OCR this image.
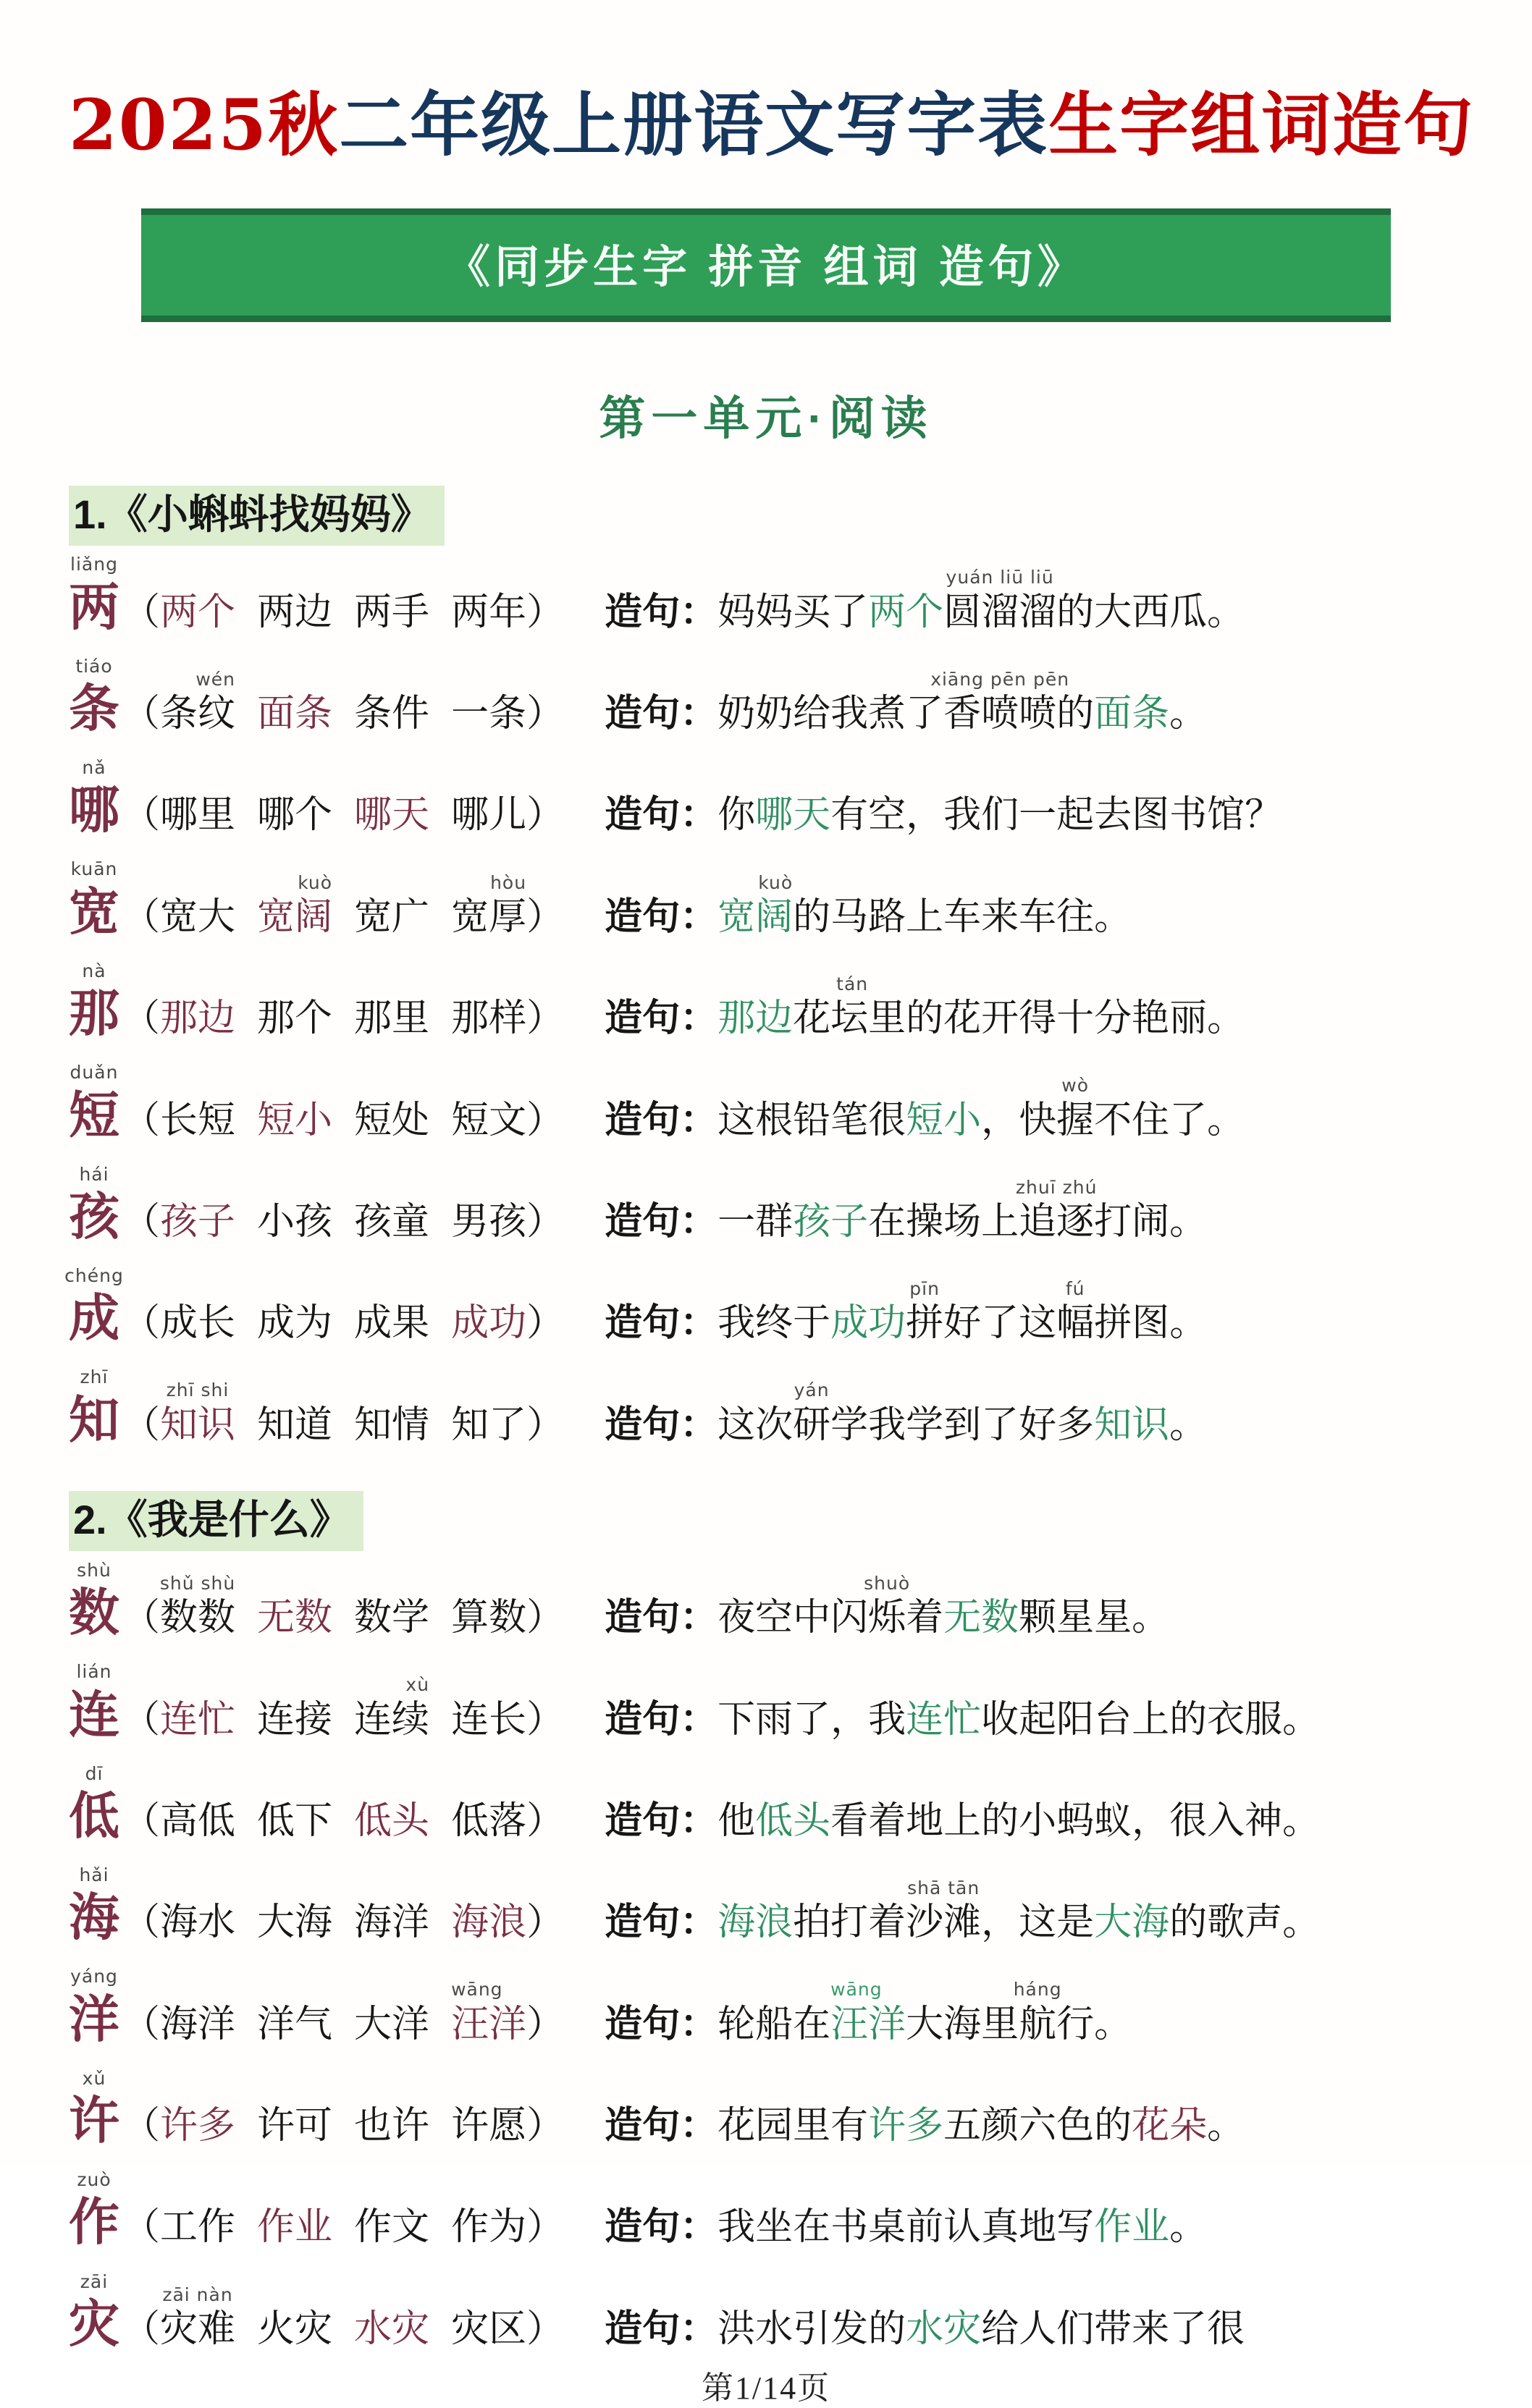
2025秋二年级上册语文写字表生字组词造句
《同步生字 拼音 组词 造句》
第一单元·阅读
1.《小蝌蚪找妈妈》
liǎng
两（两个 两边 两手 两年） 造句：妈妈买了两个
yuán liū liū
圆溜溜的大西瓜。
tiáo
条（
wén
条纹 面条 条件 一条） 造句：奶奶给我煮了
xiāng pēn pēn
香喷喷的面条。
nǎ
哪（哪里 哪个 哪天 哪儿） 造句：你哪天有空，我们一起去图书馆？
kuān
宽（宽大
kuò
宽阔 宽广
hòu
宽厚） 造句：
kuò
宽阔的马路上车来车往。
nà
那（那边 那个 那里 那样） 造句：那边
tán
花坛里的花开得十分艳丽。
duǎn
短（长短 短小 短处 短文） 造句：这根铅笔很短小，快
wò
握不住了。
hái
孩（孩子 小孩 孩童 男孩） 造句：一群孩子在操场上
zhuī zhú
追逐打闹。
chéng
成（成长 成为 成果 成功） 造句：我终于成功
pīn
拼好了这
fú
幅拼图。
zhī
知（
zhī shi
知识 知道 知情 知了） 造句：这次
yán
研学我学到了好多知识。
2.《我是什么》
shù
数（
shǔ shù
数数 无数 数学 算数） 造句：夜空中闪
shuò
烁着无数颗星星。
lián
连（连忙 连接
xù
连续 连长） 造句：下雨了，我连忙收起阳台上的衣服。
dī
低（高低 低下 低头 低落） 造句：他低头看着地上的小蚂蚁，很入神。
hǎi
海（海水 大海 海洋 海浪） 造句：海浪拍打着
shā tān
沙滩，这是大海的歌声。
yáng
洋（海洋 洋气 大洋
wāng
汪洋） 造句：轮船在
wāng
汪洋大海里
háng
航行。
xǔ
许（许多 许可 也许 许愿） 造句：花园里有许多五颜六色的花朵。
zuò
作（工作 作业 作文 作为） 造句：我坐在书桌前认真地写作业。
zāi
灾（
zāi nàn
灾难 火灾 水灾 灾区） 造句：洪水引发的水灾给人们带来了很
第1/14页
